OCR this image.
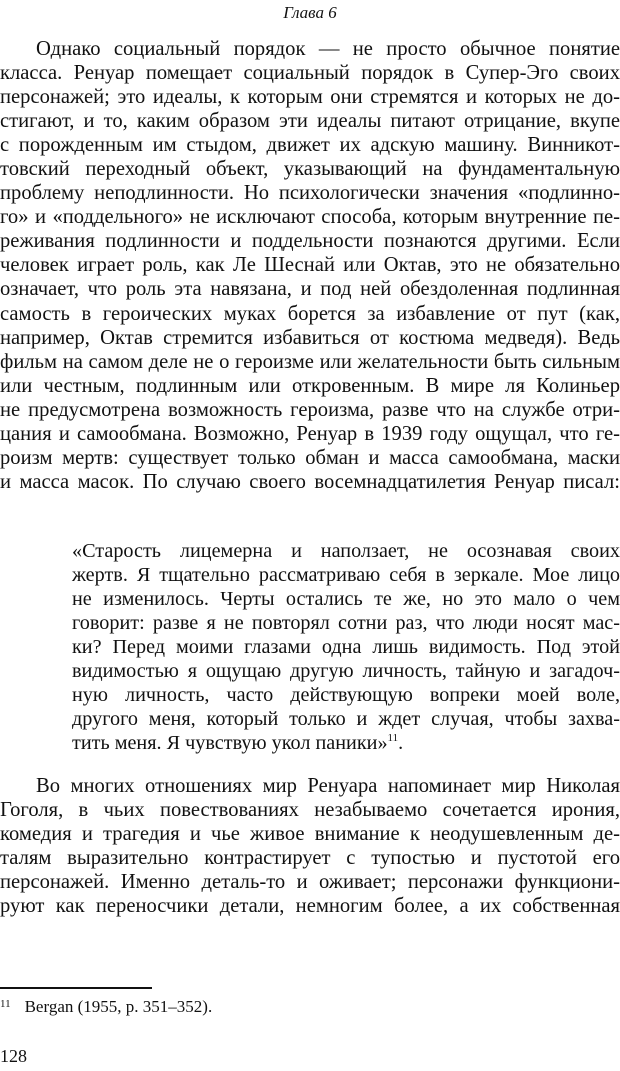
Глава 6
Однако социальный порядок — не просто обычное понятие
класса. Ренуар помещает социальный порядок в Супер-Эго своих
персонажей; это идеалы, к которым они стремятся и которых не до-
стигают, и то, каким образом эти идеалы питают отрицание, вкупе
с порожденным им стыдом, движет их адскую машину. Винникот-
товский переходный объект, указывающий на фундаментальную
проблему неподлинности. Но психологически значения «подлинно-
го» и «поддельного» не исключают способа, которым внутренние пе-
реживания подлинности и поддельности познаются другими. Если
человек играет роль, как Ле Шеснай или Октав, это не обязательно
означает, что роль эта навязана, и под ней обездоленная подлинная
самость в героических муках борется за избавление от пут (как,
например, Октав стремится избавиться от костюма медведя). Ведь
фильм на самом деле не о героизме или желательности быть сильным
или честным, подлинным или откровенным. В мире ля Колиньер
не предусмотрена возможность героизма, разве что на службе отри-
цания и самообмана. Возможно, Ренуар в 1939 году ощущал, что ге-
роизм мертв: существует только обман и масса самообмана, маски
и масса масок. По случаю своего восемнадцатилетия Ренуар писал:
«Старость лицемерна и наползает, не осознавая своих
жертв. Я тщательно рассматриваю себя в зеркале. Мое лицо
не изменилось. Черты остались те же, но это мало о чем
говорит: разве я не повторял сотни раз, что люди носят мас-
ки? Перед моими глазами одна лишь видимость. Под этой
видимостью я ощущаю другую личность, тайную и загадоч-
ную личность, часто действующую вопреки моей воле,
другого меня, который только и ждет случая, чтобы захва-
тить меня. Я чувствую укол паники»$^{11}$.
Во многих отношениях мир Ренуара напоминает мир Николая
Гоголя, в чьих повествованиях незабываемо сочетается ирония,
комедия и трагедия и чье живое внимание к неодушевленным де-
талям выразительно контрастирует с тупостью и пустотой его
персонажей. Именно деталь-то и оживает; персонажи функциони-
руют как переносчики детали, немногим более, а их собственная
$^{11}$ Bergan (1955, p. 351–352).
128
